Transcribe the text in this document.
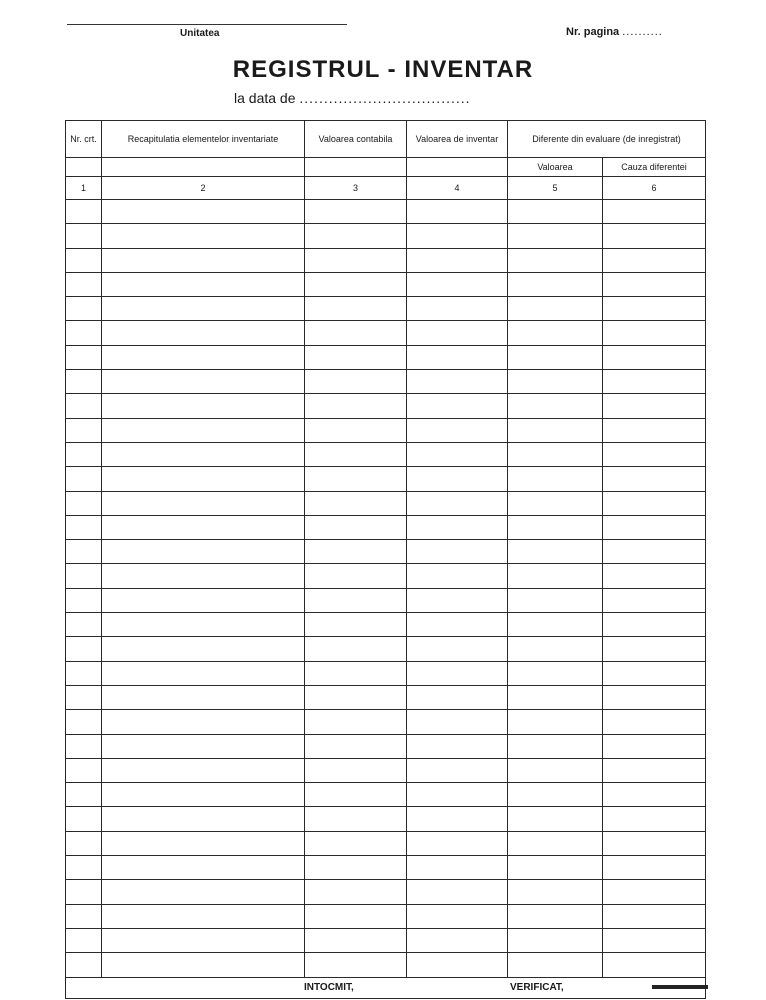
Unitatea	Nr. pagina ..........
REGISTRUL - INVENTAR
la data de ...................................
Nr. crt.	Recapitulatia elementelor inventariate	Valoarea contabila	Valoarea de inventar	Diferente din evaluare (de inregistrat)	
				Valoarea	Cauza diferentei
1	2	3	4	5	6

INTOCMIT, VERIFICAT,					
